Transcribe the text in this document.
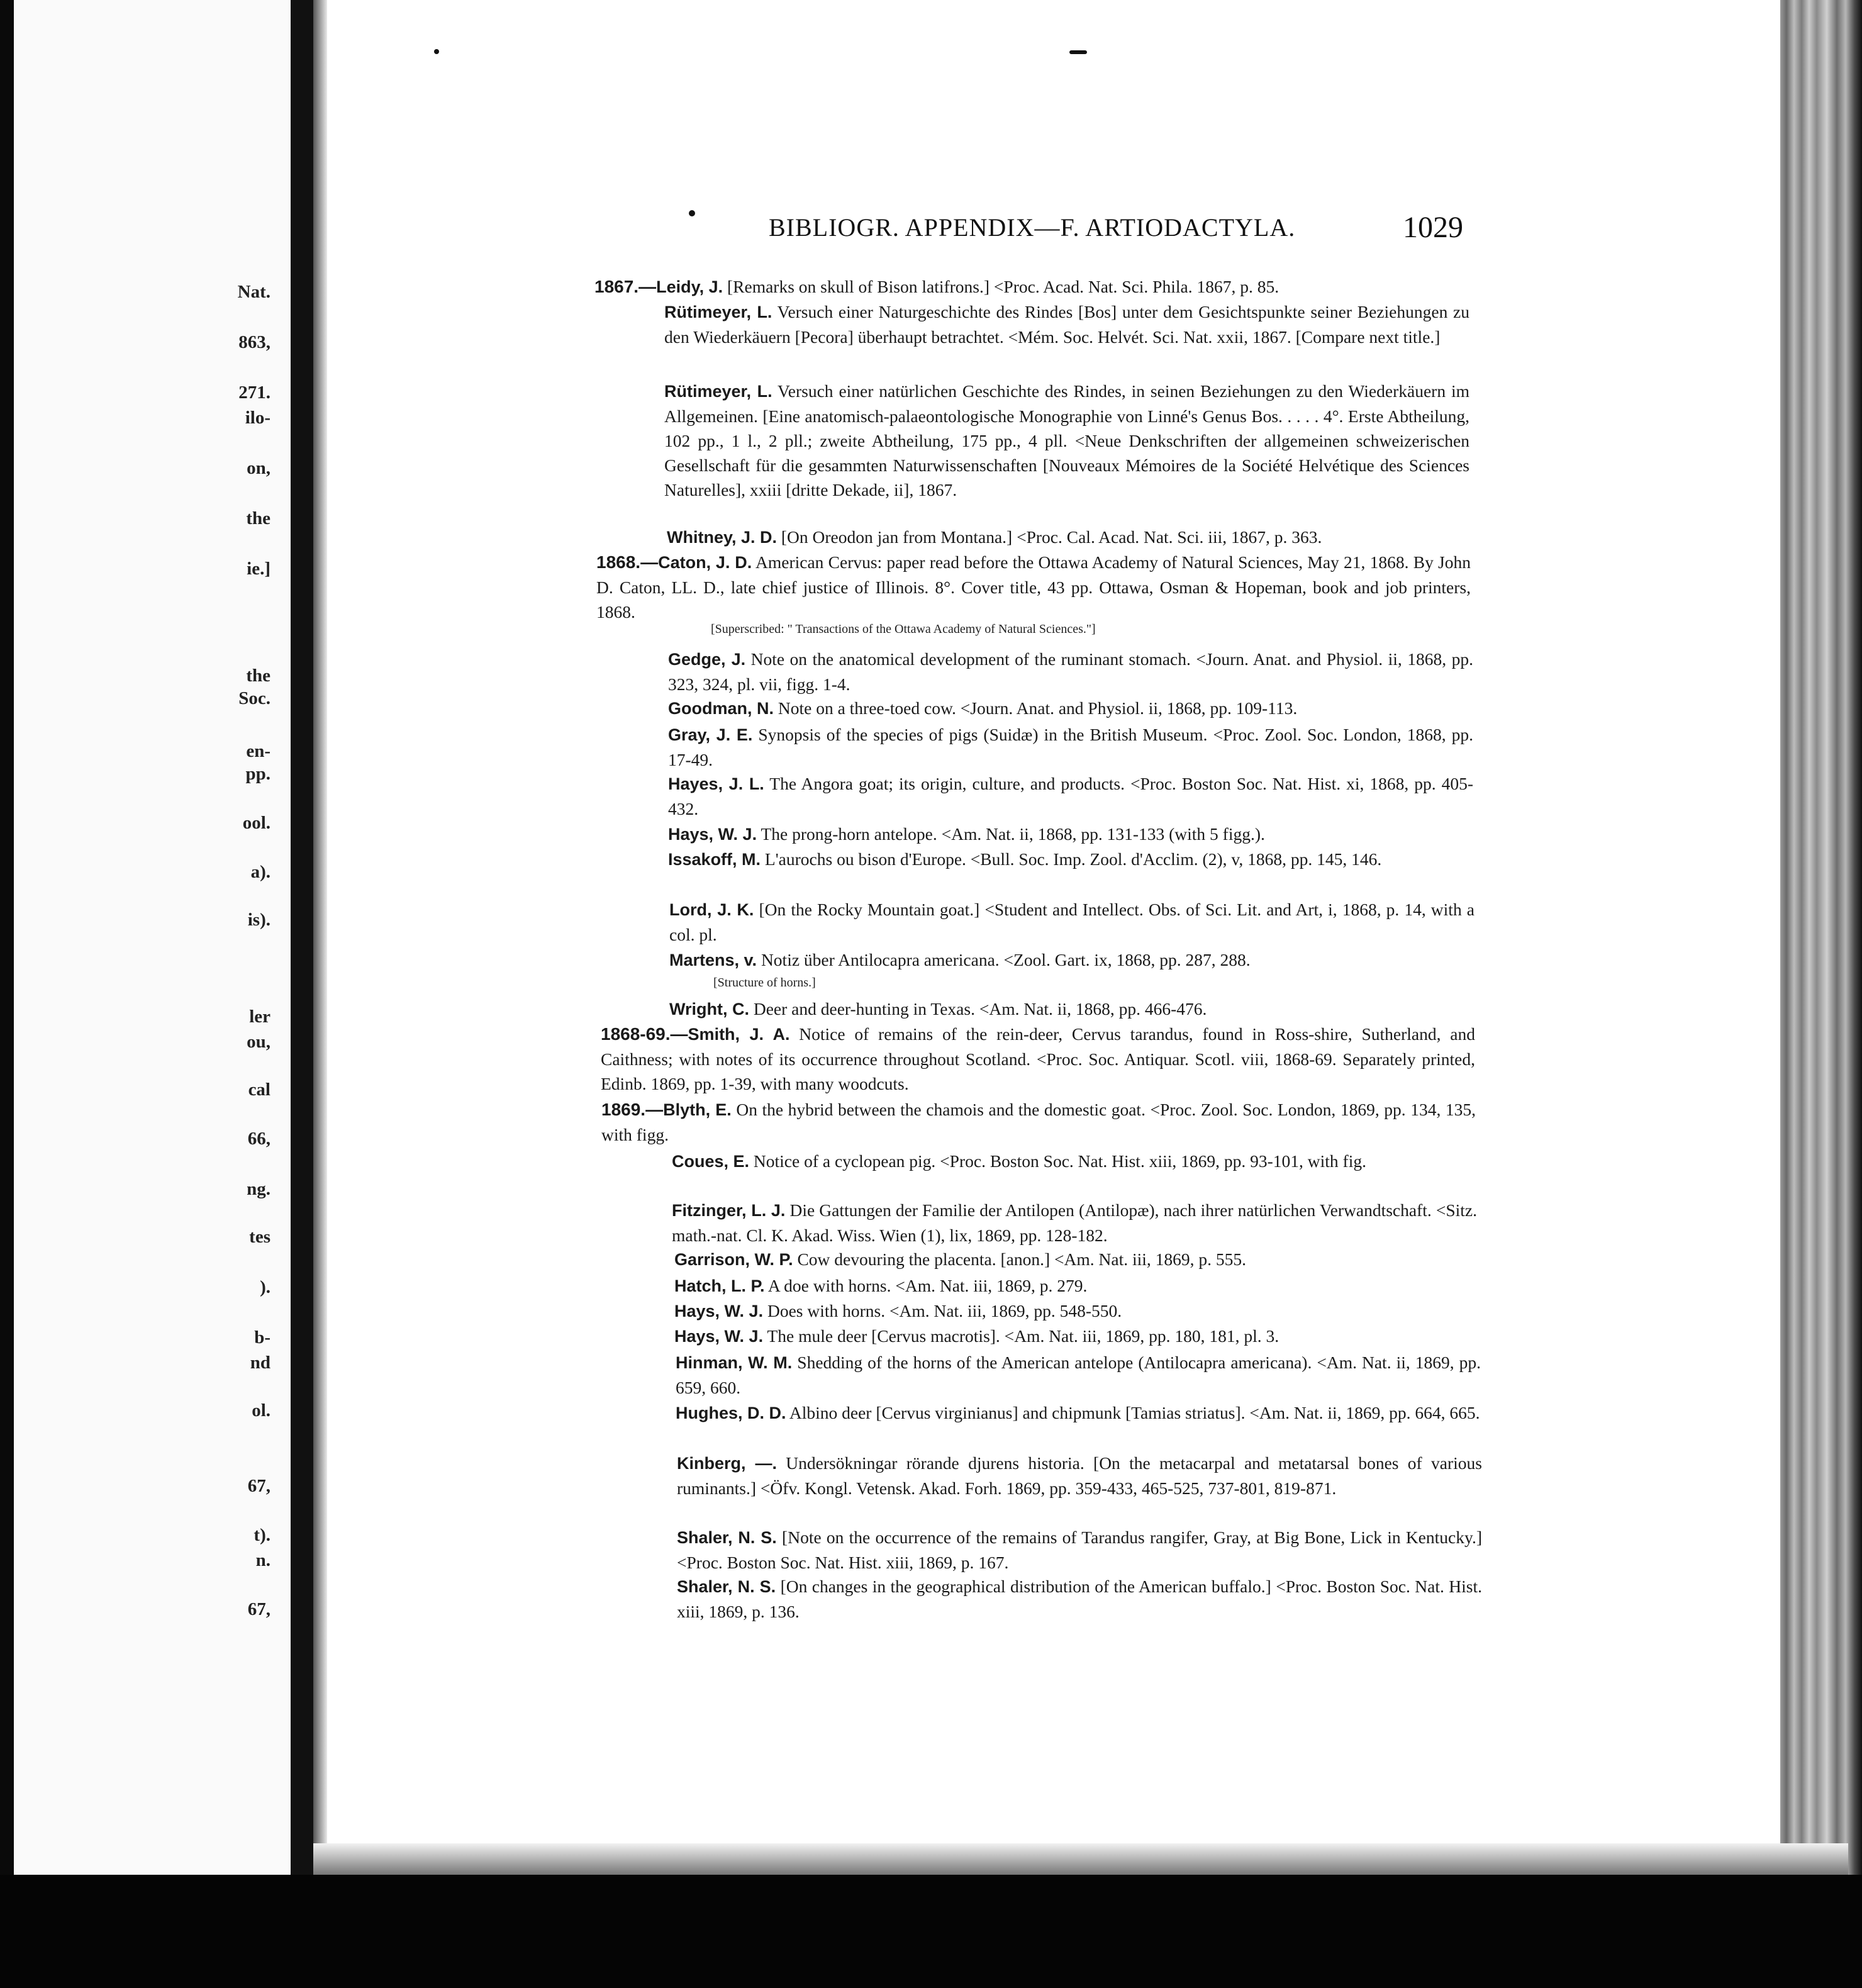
Nat.
863,
271.
ilo-
on,
the
ie.]
the
Soc.
en-
pp.
ool.
a).
is).
ler
ou,
cal
66,
ng.
tes
).
b-
nd
ol.
67,
t).
n.
67,
BIBLIOGR. APPENDIX—F. ARTIODACTYLA.	1029
1867.—Leidy, J. [Remarks on skull of Bison latifrons.] <Proc. Acad. Nat. Sci. Phila. 1867, p. 85.
Rütimeyer, L. Versuch einer Naturgeschichte des Rindes [Bos] unter dem Gesichtspunkte seiner Beziehungen zu den Wiederkäuern [Pecora] überhaupt betrachtet. <Mém. Soc. Helvét. Sci. Nat. xxii, 1867. [Compare next title.]
Rütimeyer, L. Versuch einer natürlichen Geschichte des Rindes, in seinen Beziehungen zu den Wiederkäuern im Allgemeinen. [Eine anatomisch-palaeontologische Monographie von Linné's Genus Bos. . . . . 4°. Erste Abtheilung, 102 pp., 1 l., 2 pll.; zweite Abtheilung, 175 pp., 4 pll. <Neue Denkschriften der allgemeinen schweizerischen Gesellschaft für die gesammten Naturwissenschaften [Nouveaux Mémoires de la Société Helvétique des Sciences Naturelles], xxiii [dritte Dekade, ii], 1867.
Whitney, J. D. [On Oreodon jan from Montana.] <Proc. Cal. Acad. Nat. Sci. iii, 1867, p. 363.
1868.—Caton, J. D. American Cervus: paper read before the Ottawa Academy of Natural Sciences, May 21, 1868. By John D. Caton, LL. D., late chief justice of Illinois. 8°. Cover title, 43 pp. Ottawa, Osman & Hopeman, book and job printers, 1868.
[Superscribed: " Transactions of the Ottawa Academy of Natural Sciences."]
Gedge, J. Note on the anatomical development of the ruminant stomach. <Journ. Anat. and Physiol. ii, 1868, pp. 323, 324, pl. vii, figg. 1-4.
Goodman, N. Note on a three-toed cow. <Journ. Anat. and Physiol. ii, 1868, pp. 109-113.
Gray, J. E. Synopsis of the species of pigs (Suidæ) in the British Museum. <Proc. Zool. Soc. London, 1868, pp. 17-49.
Hayes, J. L. The Angora goat; its origin, culture, and products. <Proc. Boston Soc. Nat. Hist. xi, 1868, pp. 405-432.
Hays, W. J. The prong-horn antelope. <Am. Nat. ii, 1868, pp. 131-133 (with 5 figg.).
Issakoff, M. L'aurochs ou bison d'Europe. <Bull. Soc. Imp. Zool. d'Acclim. (2), v, 1868, pp. 145, 146.
Lord, J. K. [On the Rocky Mountain goat.] <Student and Intellect. Obs. of Sci. Lit. and Art, i, 1868, p. 14, with a col. pl.
Martens, v. Notiz über Antilocapra americana. <Zool. Gart. ix, 1868, pp. 287, 288.
[Structure of horns.]
Wright, C. Deer and deer-hunting in Texas. <Am. Nat. ii, 1868, pp. 466-476.
1868-69.—Smith, J. A. Notice of remains of the rein-deer, Cervus tarandus, found in Ross-shire, Sutherland, and Caithness; with notes of its occurrence throughout Scotland. <Proc. Soc. Antiquar. Scotl. viii, 1868-69. Separately printed, Edinb. 1869, pp. 1-39, with many woodcuts.
1869.—Blyth, E. On the hybrid between the chamois and the domestic goat. <Proc. Zool. Soc. London, 1869, pp. 134, 135, with figg.
Coues, E. Notice of a cyclopean pig. <Proc. Boston Soc. Nat. Hist. xiii, 1869, pp. 93-101, with fig.
Fitzinger, L. J. Die Gattungen der Familie der Antilopen (Antilopæ), nach ihrer natürlichen Verwandtschaft. <Sitz. math.-nat. Cl. K. Akad. Wiss. Wien (1), lix, 1869, pp. 128-182.
Garrison, W. P. Cow devouring the placenta. [anon.] <Am. Nat. iii, 1869, p. 555.
Hatch, L. P. A doe with horns. <Am. Nat. iii, 1869, p. 279.
Hays, W. J. Does with horns. <Am. Nat. iii, 1869, pp. 548-550.
Hays, W. J. The mule deer [Cervus macrotis]. <Am. Nat. iii, 1869, pp. 180, 181, pl. 3.
Hinman, W. M. Shedding of the horns of the American antelope (Antilocapra americana). <Am. Nat. ii, 1869, pp. 659, 660.
Hughes, D. D. Albino deer [Cervus virginianus] and chipmunk [Tamias striatus]. <Am. Nat. ii, 1869, pp. 664, 665.
Kinberg, —. Undersökningar rörande djurens historia. [On the metacarpal and metatarsal bones of various ruminants.] <Öfv. Kongl. Vetensk. Akad. Forh. 1869, pp. 359-433, 465-525, 737-801, 819-871.
Shaler, N. S. [Note on the occurrence of the remains of Tarandus rangifer, Gray, at Big Bone, Lick in Kentucky.] <Proc. Boston Soc. Nat. Hist. xiii, 1869, p. 167.
Shaler, N. S. [On changes in the geographical distribution of the American buffalo.] <Proc. Boston Soc. Nat. Hist. xiii, 1869, p. 136.
